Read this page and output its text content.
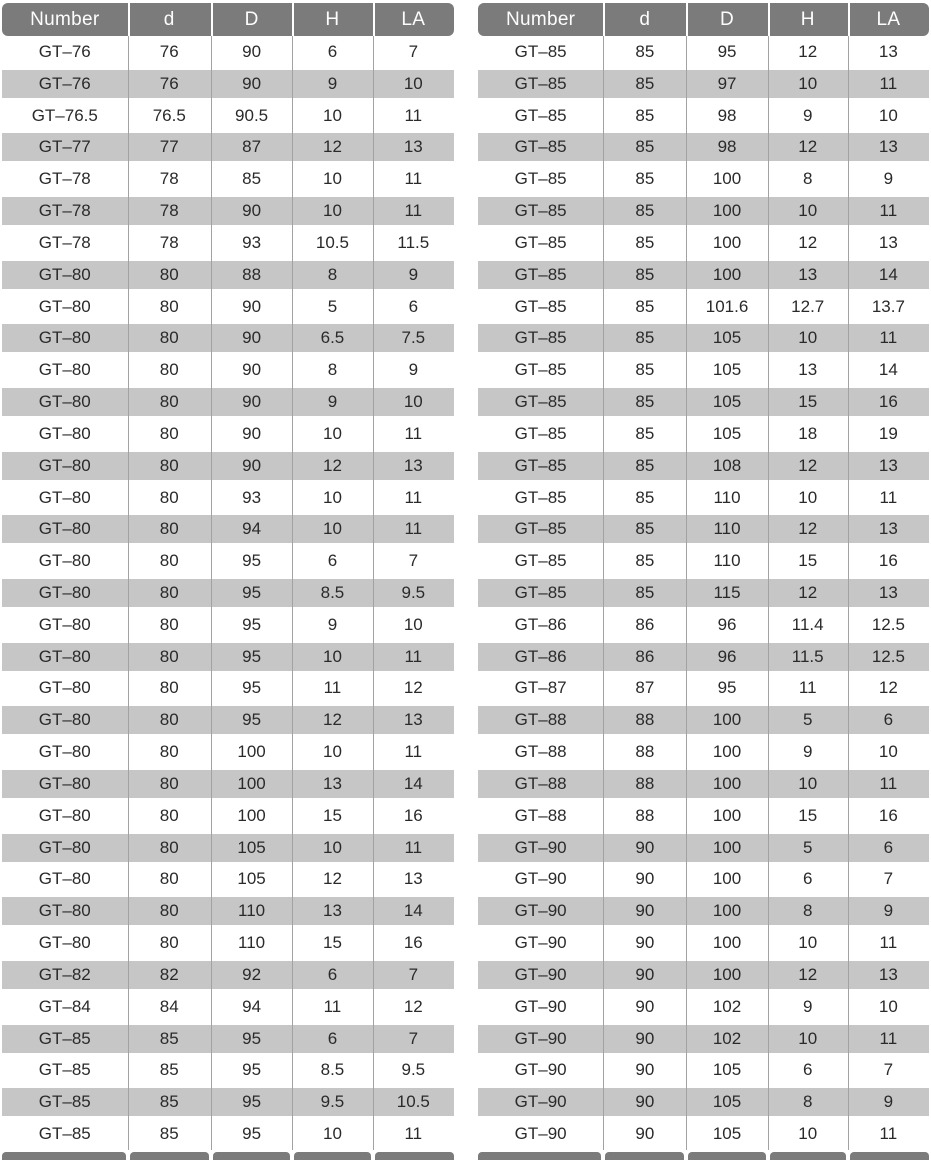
Number	d	D	H	LA
GT–76	76	90	6	7
GT–76	76	90	9	10
GT–76.5	76.5	90.5	10	11
GT–77	77	87	12	13
GT–78	78	85	10	11
GT–78	78	90	10	11
GT–78	78	93	10.5	11.5
GT–80	80	88	8	9
GT–80	80	90	5	6
GT–80	80	90	6.5	7.5
GT–80	80	90	8	9
GT–80	80	90	9	10
GT–80	80	90	10	11
GT–80	80	90	12	13
GT–80	80	93	10	11
GT–80	80	94	10	11
GT–80	80	95	6	7
GT–80	80	95	8.5	9.5
GT–80	80	95	9	10
GT–80	80	95	10	11
GT–80	80	95	11	12
GT–80	80	95	12	13
GT–80	80	100	10	11
GT–80	80	100	13	14
GT–80	80	100	15	16
GT–80	80	105	10	11
GT–80	80	105	12	13
GT–80	80	110	13	14
GT–80	80	110	15	16
GT–82	82	92	6	7
GT–84	84	94	11	12
GT–85	85	95	6	7
GT–85	85	95	8.5	9.5
GT–85	85	95	9.5	10.5
GT–85	85	95	10	11
Number	d	D	H	LA
GT–85	85	95	12	13
GT–85	85	97	10	11
GT–85	85	98	9	10
GT–85	85	98	12	13
GT–85	85	100	8	9
GT–85	85	100	10	11
GT–85	85	100	12	13
GT–85	85	100	13	14
GT–85	85	101.6	12.7	13.7
GT–85	85	105	10	11
GT–85	85	105	13	14
GT–85	85	105	15	16
GT–85	85	105	18	19
GT–85	85	108	12	13
GT–85	85	110	10	11
GT–85	85	110	12	13
GT–85	85	110	15	16
GT–85	85	115	12	13
GT–86	86	96	11.4	12.5
GT–86	86	96	11.5	12.5
GT–87	87	95	11	12
GT–88	88	100	5	6
GT–88	88	100	9	10
GT–88	88	100	10	11
GT–88	88	100	15	16
GT–90	90	100	5	6
GT–90	90	100	6	7
GT–90	90	100	8	9
GT–90	90	100	10	11
GT–90	90	100	12	13
GT–90	90	102	9	10
GT–90	90	102	10	11
GT–90	90	105	6	7
GT–90	90	105	8	9
GT–90	90	105	10	11
